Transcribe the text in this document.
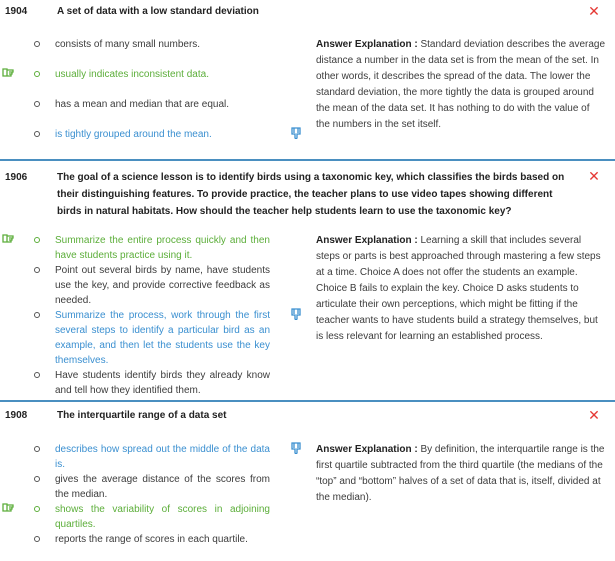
1904	A set of data with a low standard deviation	✕
consists of many small numbers.
usually indicates inconsistent data.
has a mean and median that are equal.
is tightly grouped around the mean.
Answer Explanation : Standard deviation describes the average distance a number in the data set is from the mean of the set. In other words, it describes the spread of the data. The lower the standard deviation, the more tightly the data is grouped around the mean of the data set. It has nothing to do with the value of the numbers in the set itself.
1906	The goal of a science lesson is to identify birds using a taxonomic key, which classifies the birds based on their distinguishing features. To provide practice, the teacher plans to use video tapes showing different birds in natural habitats. How should the teacher help students learn to use the taxonomic key?
✕
Summarize the entire process quickly and then have students practice using it.
Point out several birds by name, have students use the key, and provide corrective feedback as needed.
Summarize the process, work through the first several steps to identify a particular bird as an example, and then let the students use the key themselves.
Have students identify birds they already know and tell how they identified them.
Answer Explanation : Learning a skill that includes several steps or parts is best approached through mastering a few steps at a time. Choice A does not offer the students an example. Choice B fails to explain the key. Choice D asks students to articulate their own perceptions, which might be fitting if the teacher wants to have students build a strategy themselves, but is less relevant for learning an established process.
1908	The interquartile range of a data set	✕
describes how spread out the middle of the data is.
gives the average distance of the scores from the median.
shows the variability of scores in adjoining quartiles.
reports the range of scores in each quartile.
Answer Explanation : By definition, the interquartile range is the first quartile subtracted from the third quartile (the medians of the “top” and “bottom” halves of a set of data that is, itself, divided at the median).
